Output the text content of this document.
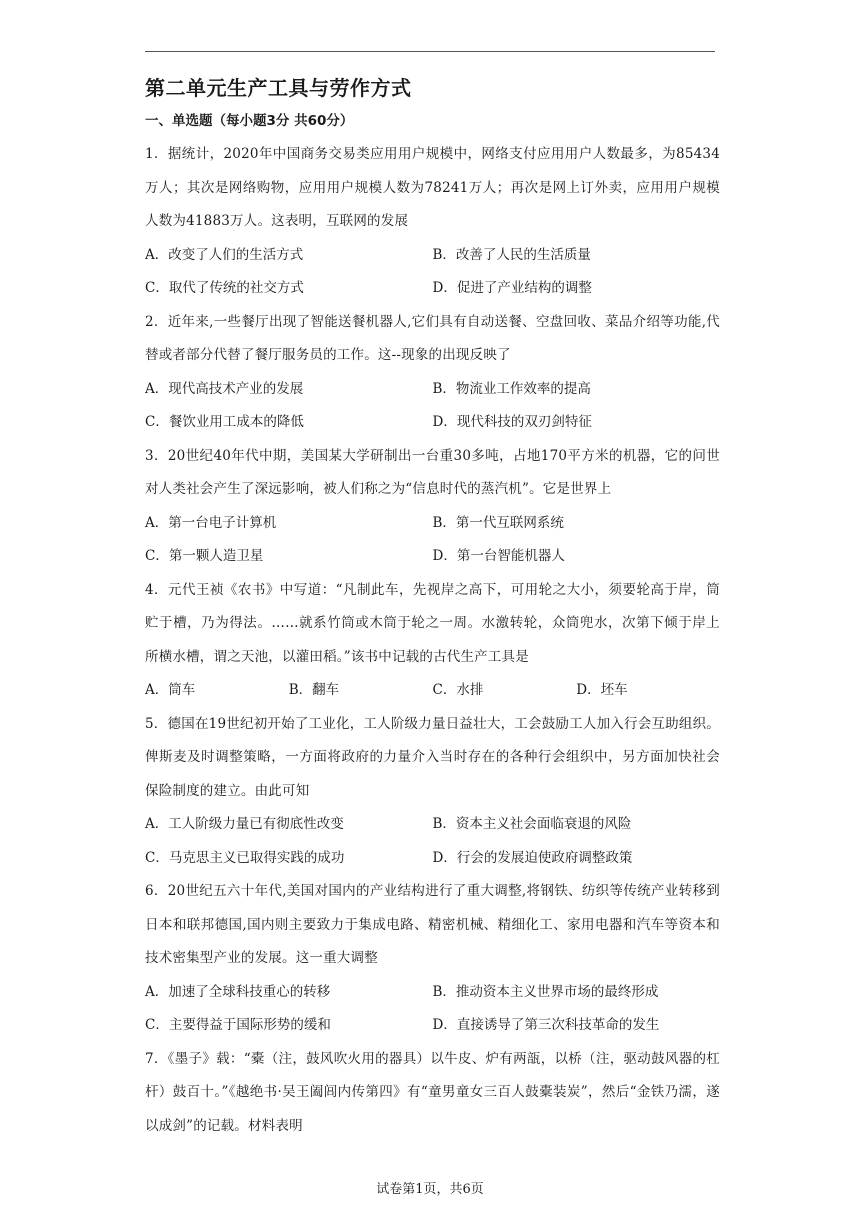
第二单元生产工具与劳作方式
一、单选题（每小题3分 共60分）

1．据统计，2020年中国商务交易类应用用户规模中，网络支付应用用户人数最多，为85434万人；其次是网络购物，应用用户规模人数为78241万人；再次是网上订外卖，应用用户规模人数为41883万人。这表明，互联网的发展

A．改变了人们的生活方式	B．改善了人民的生活质量
C．取代了传统的社交方式	D．促进了产业结构的调整

2．近年来,一些餐厅出现了智能送餐机器人,它们具有自动送餐、空盘回收、菜品介绍等功能,代替或者部分代替了餐厅服务员的工作。这--现象的出现反映了

A．现代高技术产业的发展	B．物流业工作效率的提高
C．餐饮业用工成本的降低	D．现代科技的双刃剑特征

3．20世纪40年代中期，美国某大学研制出一台重30多吨，占地170平方米的机器，它的问世对人类社会产生了深远影响，被人们称之为“信息时代的蒸汽机”。它是世界上

A．第一台电子计算机	B．第一代互联网系统
C．第一颗人造卫星	D．第一台智能机器人

4．元代王祯《农书》中写道：“凡制此车，先视岸之高下，可用轮之大小，须要轮高于岸，筒贮于槽，乃为得法。……就系竹筒或木筒于轮之一周。水激转轮，众筒兜水，次第下倾于岸上所横水槽，谓之天池，以灌田稻。”该书中记载的古代生产工具是

A．筒车	B．翻车	C．水排	D．坯车

5．德国在19世纪初开始了工业化，工人阶级力量日益壮大，工会鼓励工人加入行会互助组织。俾斯麦及时调整策略，一方面将政府的力量介入当时存在的各种行会组织中，另方面加快社会保险制度的建立。由此可知

A．工人阶级力量已有彻底性改变	B．资本主义社会面临衰退的风险
C．马克思主义已取得实践的成功	D．行会的发展迫使政府调整政策

6．20世纪五六十年代,美国对国内的产业结构进行了重大调整,将钢铁、纺织等传统产业转移到日本和联邦德国,国内则主要致力于集成电路、精密机械、精细化工、家用电器和汽车等资本和技术密集型产业的发展。这一重大调整

A．加速了全球科技重心的转移	B．推动资本主义世界市场的最终形成
C．主要得益于国际形势的缓和	D．直接诱导了第三次科技革命的发生

7．《墨子》载：“橐（注，鼓风吹火用的器具）以牛皮、炉有两瓿，以桥（注，驱动鼓风器的杠杆）鼓百十。”《越绝书·吴王阖闾内传第四》有“童男童女三百人鼓橐装炭”，然后“金铁乃濡，遂以成剑”的记载。材料表明

试卷第1页，共6页
